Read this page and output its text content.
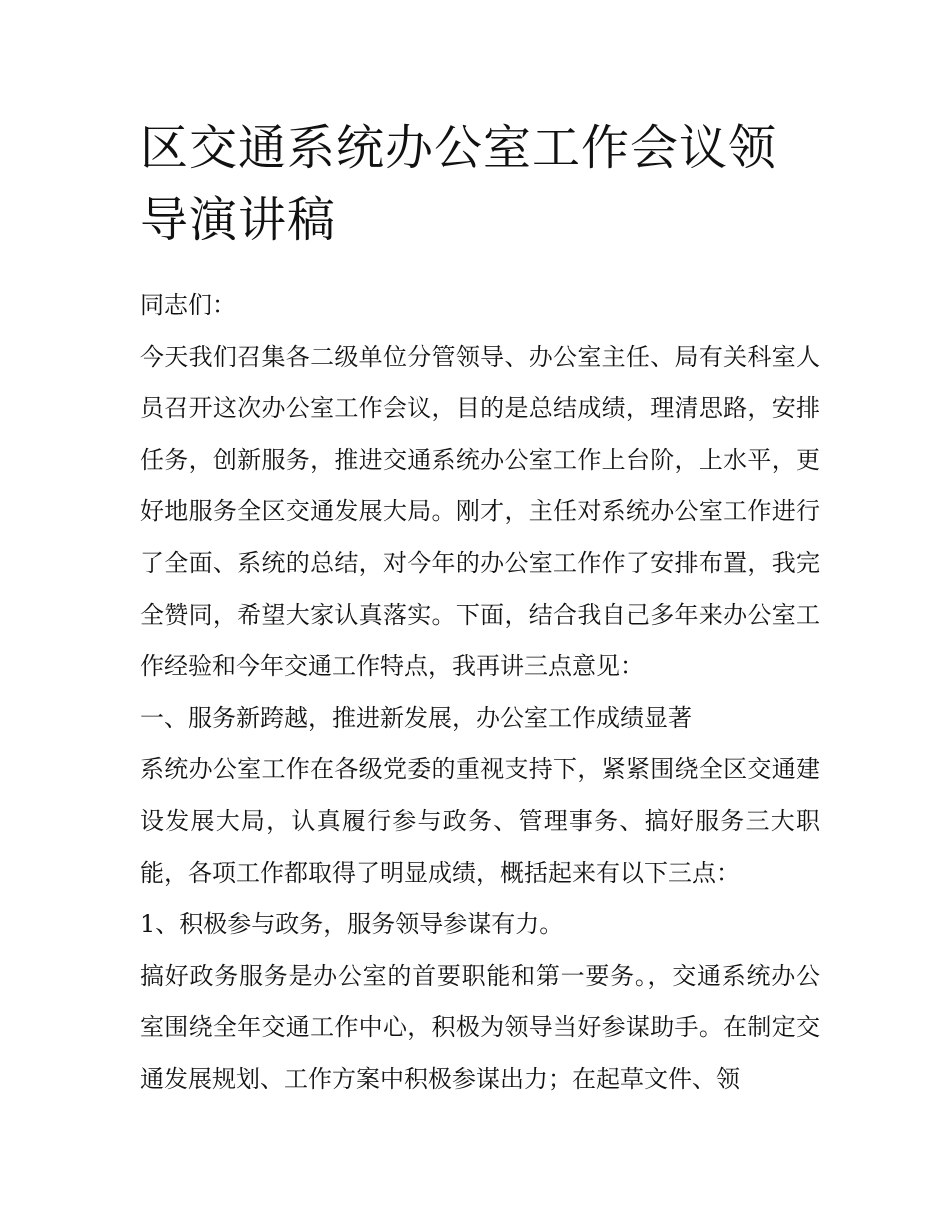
区交通系统办公室工作会议领导演讲稿

同志们：

今天我们召集各二级单位分管领导、办公室主任、局有关科室人员召开这次办公室工作会议，目的是总结成绩，理清思路，安排任务，创新服务，推进交通系统办公室工作上台阶，上水平，更好地服务全区交通发展大局。刚才，主任对系统办公室工作进行了全面、系统的总结，对今年的办公室工作作了安排布置，我完全赞同，希望大家认真落实。下面，结合我自己多年来办公室工作经验和今年交通工作特点，我再讲三点意见：

一、服务新跨越，推进新发展，办公室工作成绩显著

系统办公室工作在各级党委的重视支持下，紧紧围绕全区交通建设发展大局，认真履行参与政务、管理事务、搞好服务三大职能，各项工作都取得了明显成绩，概括起来有以下三点：

1、积极参与政务，服务领导参谋有力。

搞好政务服务是办公室的首要职能和第一要务。，交通系统办公室围绕全年交通工作中心，积极为领导当好参谋助手。在制定交通发展规划、工作方案中积极参谋出力；在起草文件、领
